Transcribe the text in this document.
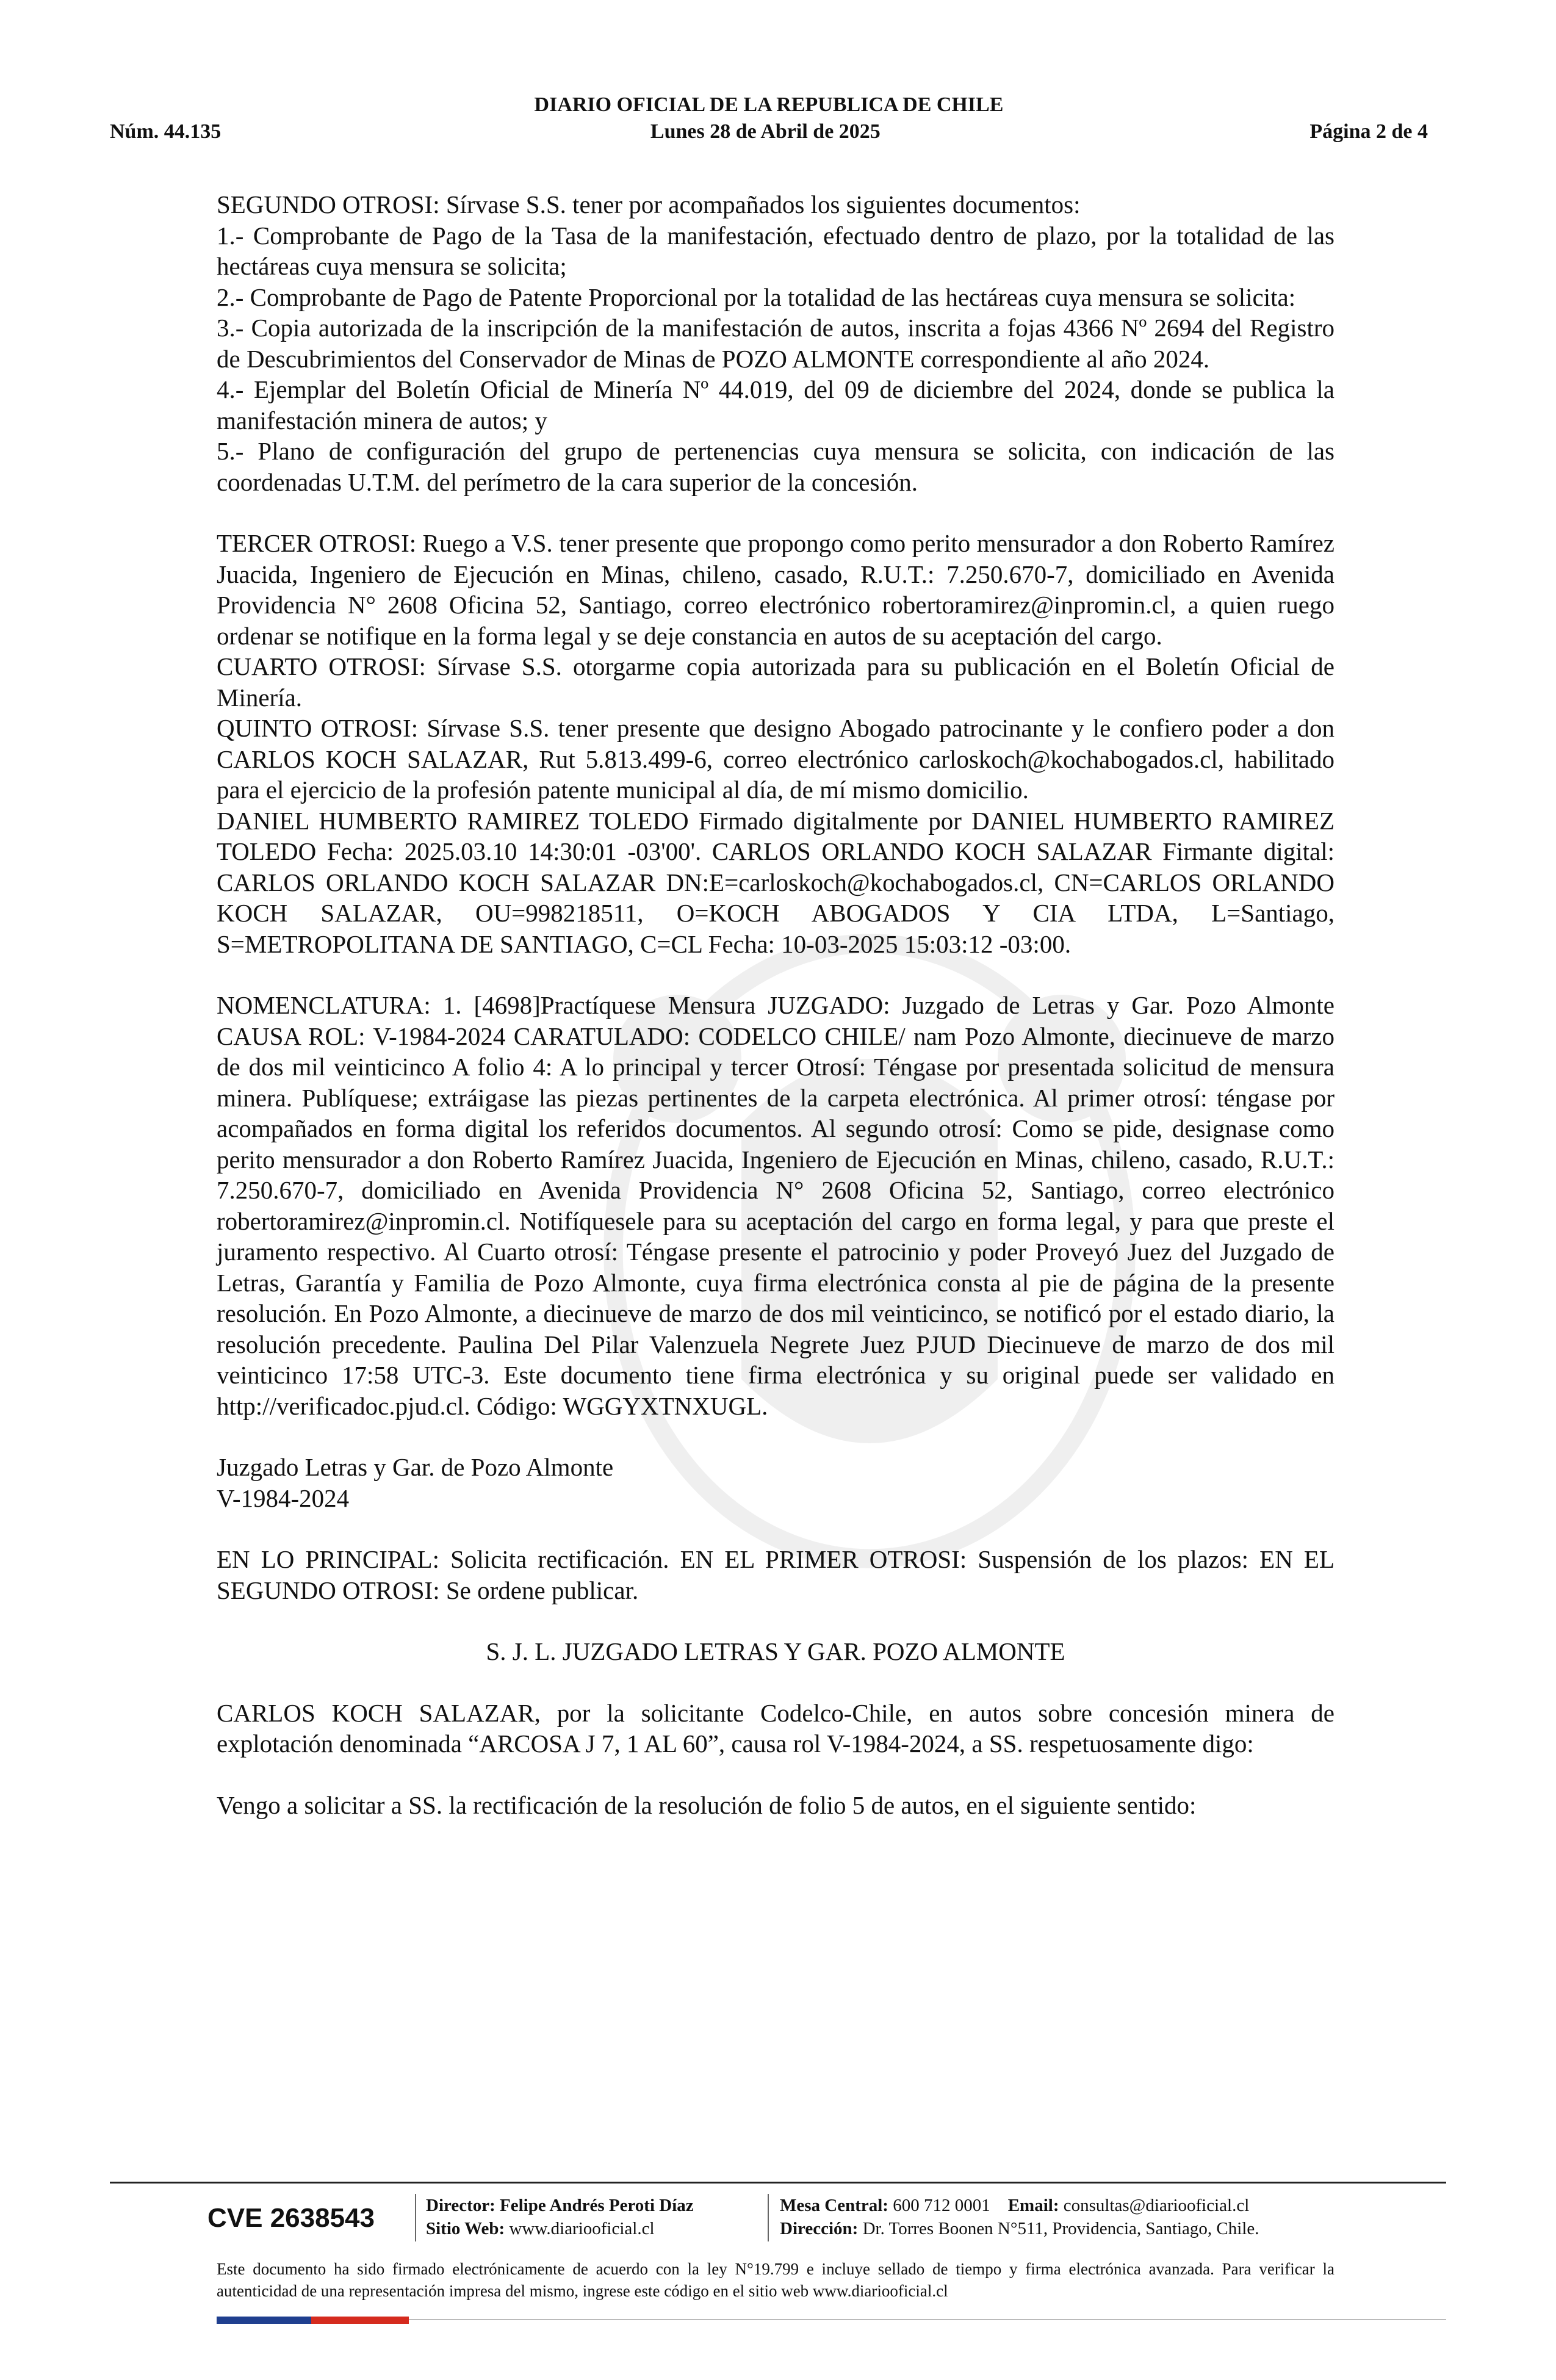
DIARIO OFICIAL DE LA REPUBLICA DE CHILE
Núm. 44.135	Lunes 28 de Abril de 2025	Página 2 de 4

SEGUNDO OTROSI: Sírvase S.S. tener por acompañados los siguientes documentos:

1.- Comprobante de Pago de la Tasa de la manifestación, efectuado dentro de plazo, por la totalidad de las hectáreas cuya mensura se solicita;

2.- Comprobante de Pago de Patente Proporcional por la totalidad de las hectáreas cuya mensura se solicita:

3.- Copia autorizada de la inscripción de la manifestación de autos, inscrita a fojas 4366 Nº 2694 del Registro de Descubrimientos del Conservador de Minas de POZO ALMONTE correspondiente al año 2024.

4.- Ejemplar del Boletín Oficial de Minería Nº 44.019, del 09 de diciembre del 2024, donde se publica la manifestación minera de autos; y

5.- Plano de configuración del grupo de pertenencias cuya mensura se solicita, con indicación de las coordenadas U.T.M. del perímetro de la cara superior de la concesión.

TERCER OTROSI: Ruego a V.S. tener presente que propongo como perito mensurador a don Roberto Ramírez Juacida, Ingeniero de Ejecución en Minas, chileno, casado, R.U.T.: 7.250.670-7, domiciliado en Avenida Providencia N° 2608 Oficina 52, Santiago, correo electrónico robertoramirez@inpromin.cl, a quien ruego ordenar se notifique en la forma legal y se deje constancia en autos de su aceptación del cargo.

CUARTO OTROSI: Sírvase S.S. otorgarme copia autorizada para su publicación en el Boletín Oficial de Minería.

QUINTO OTROSI: Sírvase S.S. tener presente que designo Abogado patrocinante y le confiero poder a don CARLOS KOCH SALAZAR, Rut 5.813.499-6, correo electrónico carloskoch@kochabogados.cl, habilitado para el ejercicio de la profesión patente municipal al día, de mí mismo domicilio.

DANIEL HUMBERTO RAMIREZ TOLEDO Firmado digitalmente por DANIEL HUMBERTO RAMIREZ TOLEDO Fecha: 2025.03.10 14:30:01 -03'00'. CARLOS ORLANDO KOCH SALAZAR Firmante digital: CARLOS ORLANDO KOCH SALAZAR DN:E=carloskoch@kochabogados.cl, CN=CARLOS ORLANDO KOCH SALAZAR, OU=998218511, O=KOCH ABOGADOS Y CIA LTDA, L=Santiago, S=METROPOLITANA DE SANTIAGO, C=CL Fecha: 10-03-2025 15:03:12 -03:00.

NOMENCLATURA: 1. [4698]Practíquese Mensura JUZGADO: Juzgado de Letras y Gar. Pozo Almonte CAUSA ROL: V-1984-2024 CARATULADO: CODELCO CHILE/ nam Pozo Almonte, diecinueve de marzo de dos mil veinticinco A folio 4: A lo principal y tercer Otrosí: Téngase por presentada solicitud de mensura minera. Publíquese; extráigase las piezas pertinentes de la carpeta electrónica. Al primer otrosí: téngase por acompañados en forma digital los referidos documentos. Al segundo otrosí: Como se pide, designase como perito mensurador a don Roberto Ramírez Juacida, Ingeniero de Ejecución en Minas, chileno, casado, R.U.T.: 7.250.670-7, domiciliado en Avenida Providencia N° 2608 Oficina 52, Santiago, correo electrónico robertoramirez@inpromin.cl. Notifíquesele para su aceptación del cargo en forma legal, y para que preste el juramento respectivo. Al Cuarto otrosí: Téngase presente el patrocinio y poder Proveyó Juez del Juzgado de Letras, Garantía y Familia de Pozo Almonte, cuya firma electrónica consta al pie de página de la presente resolución. En Pozo Almonte, a diecinueve de marzo de dos mil veinticinco, se notificó por el estado diario, la resolución precedente. Paulina Del Pilar Valenzuela Negrete Juez PJUD Diecinueve de marzo de dos mil veinticinco 17:58 UTC-3. Este documento tiene firma electrónica y su original puede ser validado en http://verificadoc.pjud.cl. Código: WGGYXTNXUGL.

Juzgado Letras y Gar. de Pozo Almonte

V-1984-2024

EN LO PRINCIPAL: Solicita rectificación. EN EL PRIMER OTROSI: Suspensión de los plazos: EN EL SEGUNDO OTROSI: Se ordene publicar.

S. J. L. JUZGADO LETRAS Y GAR. POZO ALMONTE

CARLOS KOCH SALAZAR, por la solicitante Codelco-Chile, en autos sobre concesión minera de explotación denominada “ARCOSA J 7, 1 AL 60”, causa rol V-1984-2024, a SS. respetuosamente digo:

Vengo a solicitar a SS. la rectificación de la resolución de folio 5 de autos, en el siguiente sentido:

CVE 2638543	Director: Felipe Andrés Peroti Díaz
Sitio Web: www.diariooficial.cl
Mesa Central: 600 712 0001 Email: consultas@diariooficial.cl
Dirección: Dr. Torres Boonen N°511, Providencia, Santiago, Chile.
Este documento ha sido firmado electrónicamente de acuerdo con la ley N°19.799 e incluye sellado de tiempo y firma electrónica avanzada. Para verificar la autenticidad de una representación impresa del mismo, ingrese este código en el sitio web www.diariooficial.cl
